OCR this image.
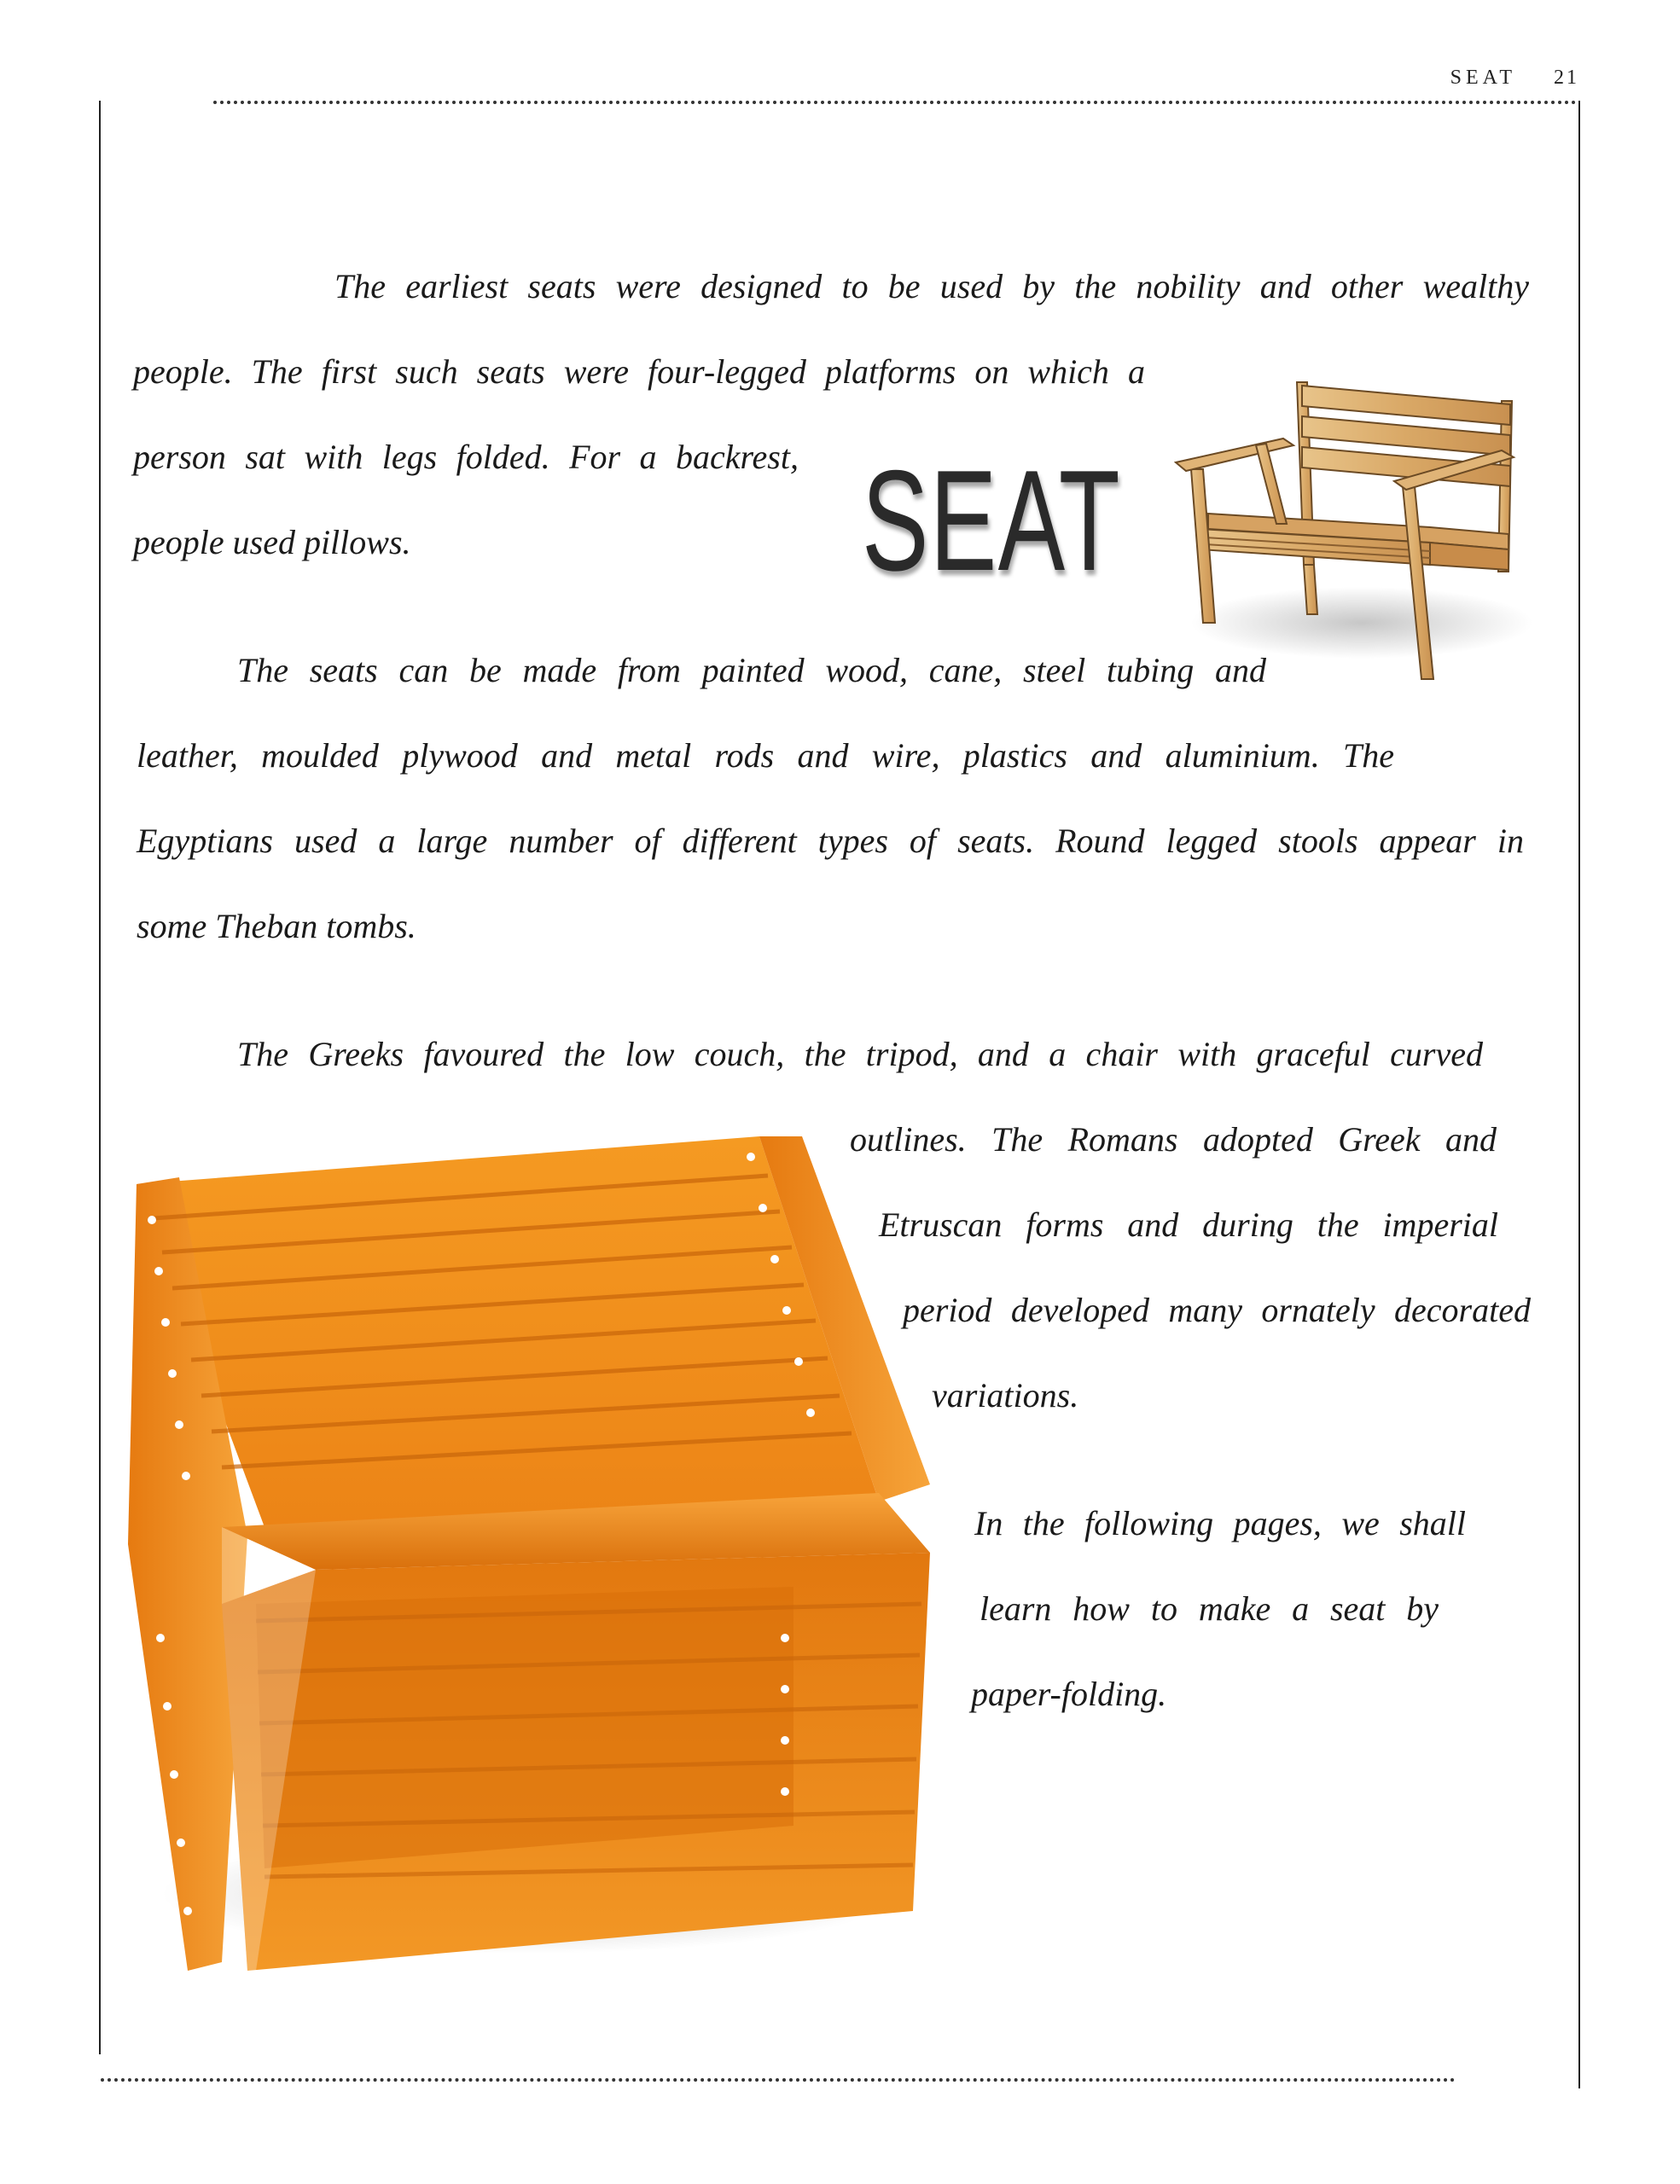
SEAT 21
The earliest seats were designed to be used by the nobility and other wealthy
people. The first such seats were four-legged platforms on which a
person sat with legs folded. For a backrest,
people used pillows.	SEAT
The seats can be made from painted wood, cane, steel tubing and
leather, moulded plywood and metal rods and wire, plastics and aluminium. The
Egyptians used a large number of different types of seats. Round legged stools appear in
some Theban tombs.
The Greeks favoured the low couch, the tripod, and a chair with graceful curved
outlines. The Romans adopted Greek and
Etruscan forms and during the imperial
period developed many ornately decorated
variations.
In the following pages, we shall
learn how to make a seat by
paper-folding.
